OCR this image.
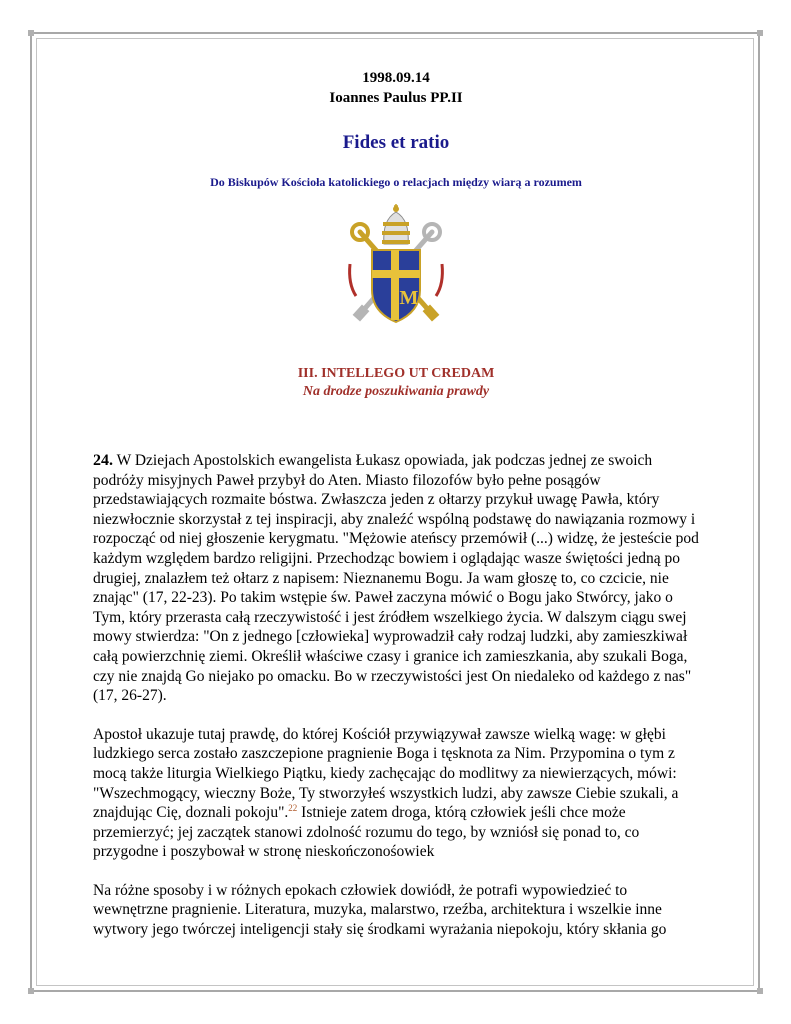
1998.09.14
Ioannes Paulus PP.II
Fides et ratio
Do Biskupów Kościoła katolickiego o relacjach między wiarą a rozumem
M
III. INTELLEGO UT CREDAM
Na drodze poszukiwania prawdy

24. W Dziejach Apostolskich ewangelista Łukasz opowiada, jak podczas jednej ze swoich podróży misyjnych Paweł przybył do Aten. Miasto filozofów było pełne posągów przedstawiających rozmaite bóstwa. Zwłaszcza jeden z ołtarzy przykuł uwagę Pawła, który niezwłocznie skorzystał z tej inspiracji, aby znaleźć wspólną podstawę do nawiązania rozmowy i rozpocząć od niej głoszenie kerygmatu. "Mężowie ateńscy przemówił (...) widzę, że jesteście pod każdym względem bardzo religijni. Przechodząc bowiem i oglądając wasze świętości jedną po drugiej, znalazłem też ołtarz z napisem: Nieznanemu Bogu. Ja wam głoszę to, co czcicie, nie znając" (17, 22-23). Po takim wstępie św. Paweł zaczyna mówić o Bogu jako Stwórcy, jako o Tym, który przerasta całą rzeczywistość i jest źródłem wszelkiego życia. W dalszym ciągu swej mowy stwierdza: "On z jednego [człowieka] wyprowadził cały rodzaj ludzki, aby zamieszkiwał całą powierzchnię ziemi. Określił właściwe czasy i granice ich zamieszkania, aby szukali Boga, czy nie znajdą Go niejako po omacku. Bo w rzeczywistości jest On niedaleko od każdego z nas" (17, 26-27).

Apostoł ukazuje tutaj prawdę, do której Kościół przywiązywał zawsze wielką wagę: w głębi ludzkiego serca zostało zaszczepione pragnienie Boga i tęsknota za Nim. Przypomina o tym z mocą także liturgia Wielkiego Piątku, kiedy zachęcając do modlitwy za niewierzących, mówi: "Wszechmogący, wieczny Boże, Ty stworzyłeś wszystkich ludzi, aby zawsze Ciebie szukali, a znajdując Cię, doznali pokoju".$^{22}$ Istnieje zatem droga, którą człowiek jeśli chce może przemierzyć; jej zaczątek stanowi zdolność rozumu do tego, by wzniósł się ponad to, co przygodne i poszybował w stronę nieskończonośowiek

Na różne sposoby i w różnych epokach człowiek dowiódł, że potrafi wypowiedzieć to wewnętrzne pragnienie. Literatura, muzyka, malarstwo, rzeźba, architektura i wszelkie inne wytwory jego twórczej inteligencji stały się środkami wyrażania niepokoju, który skłania go
